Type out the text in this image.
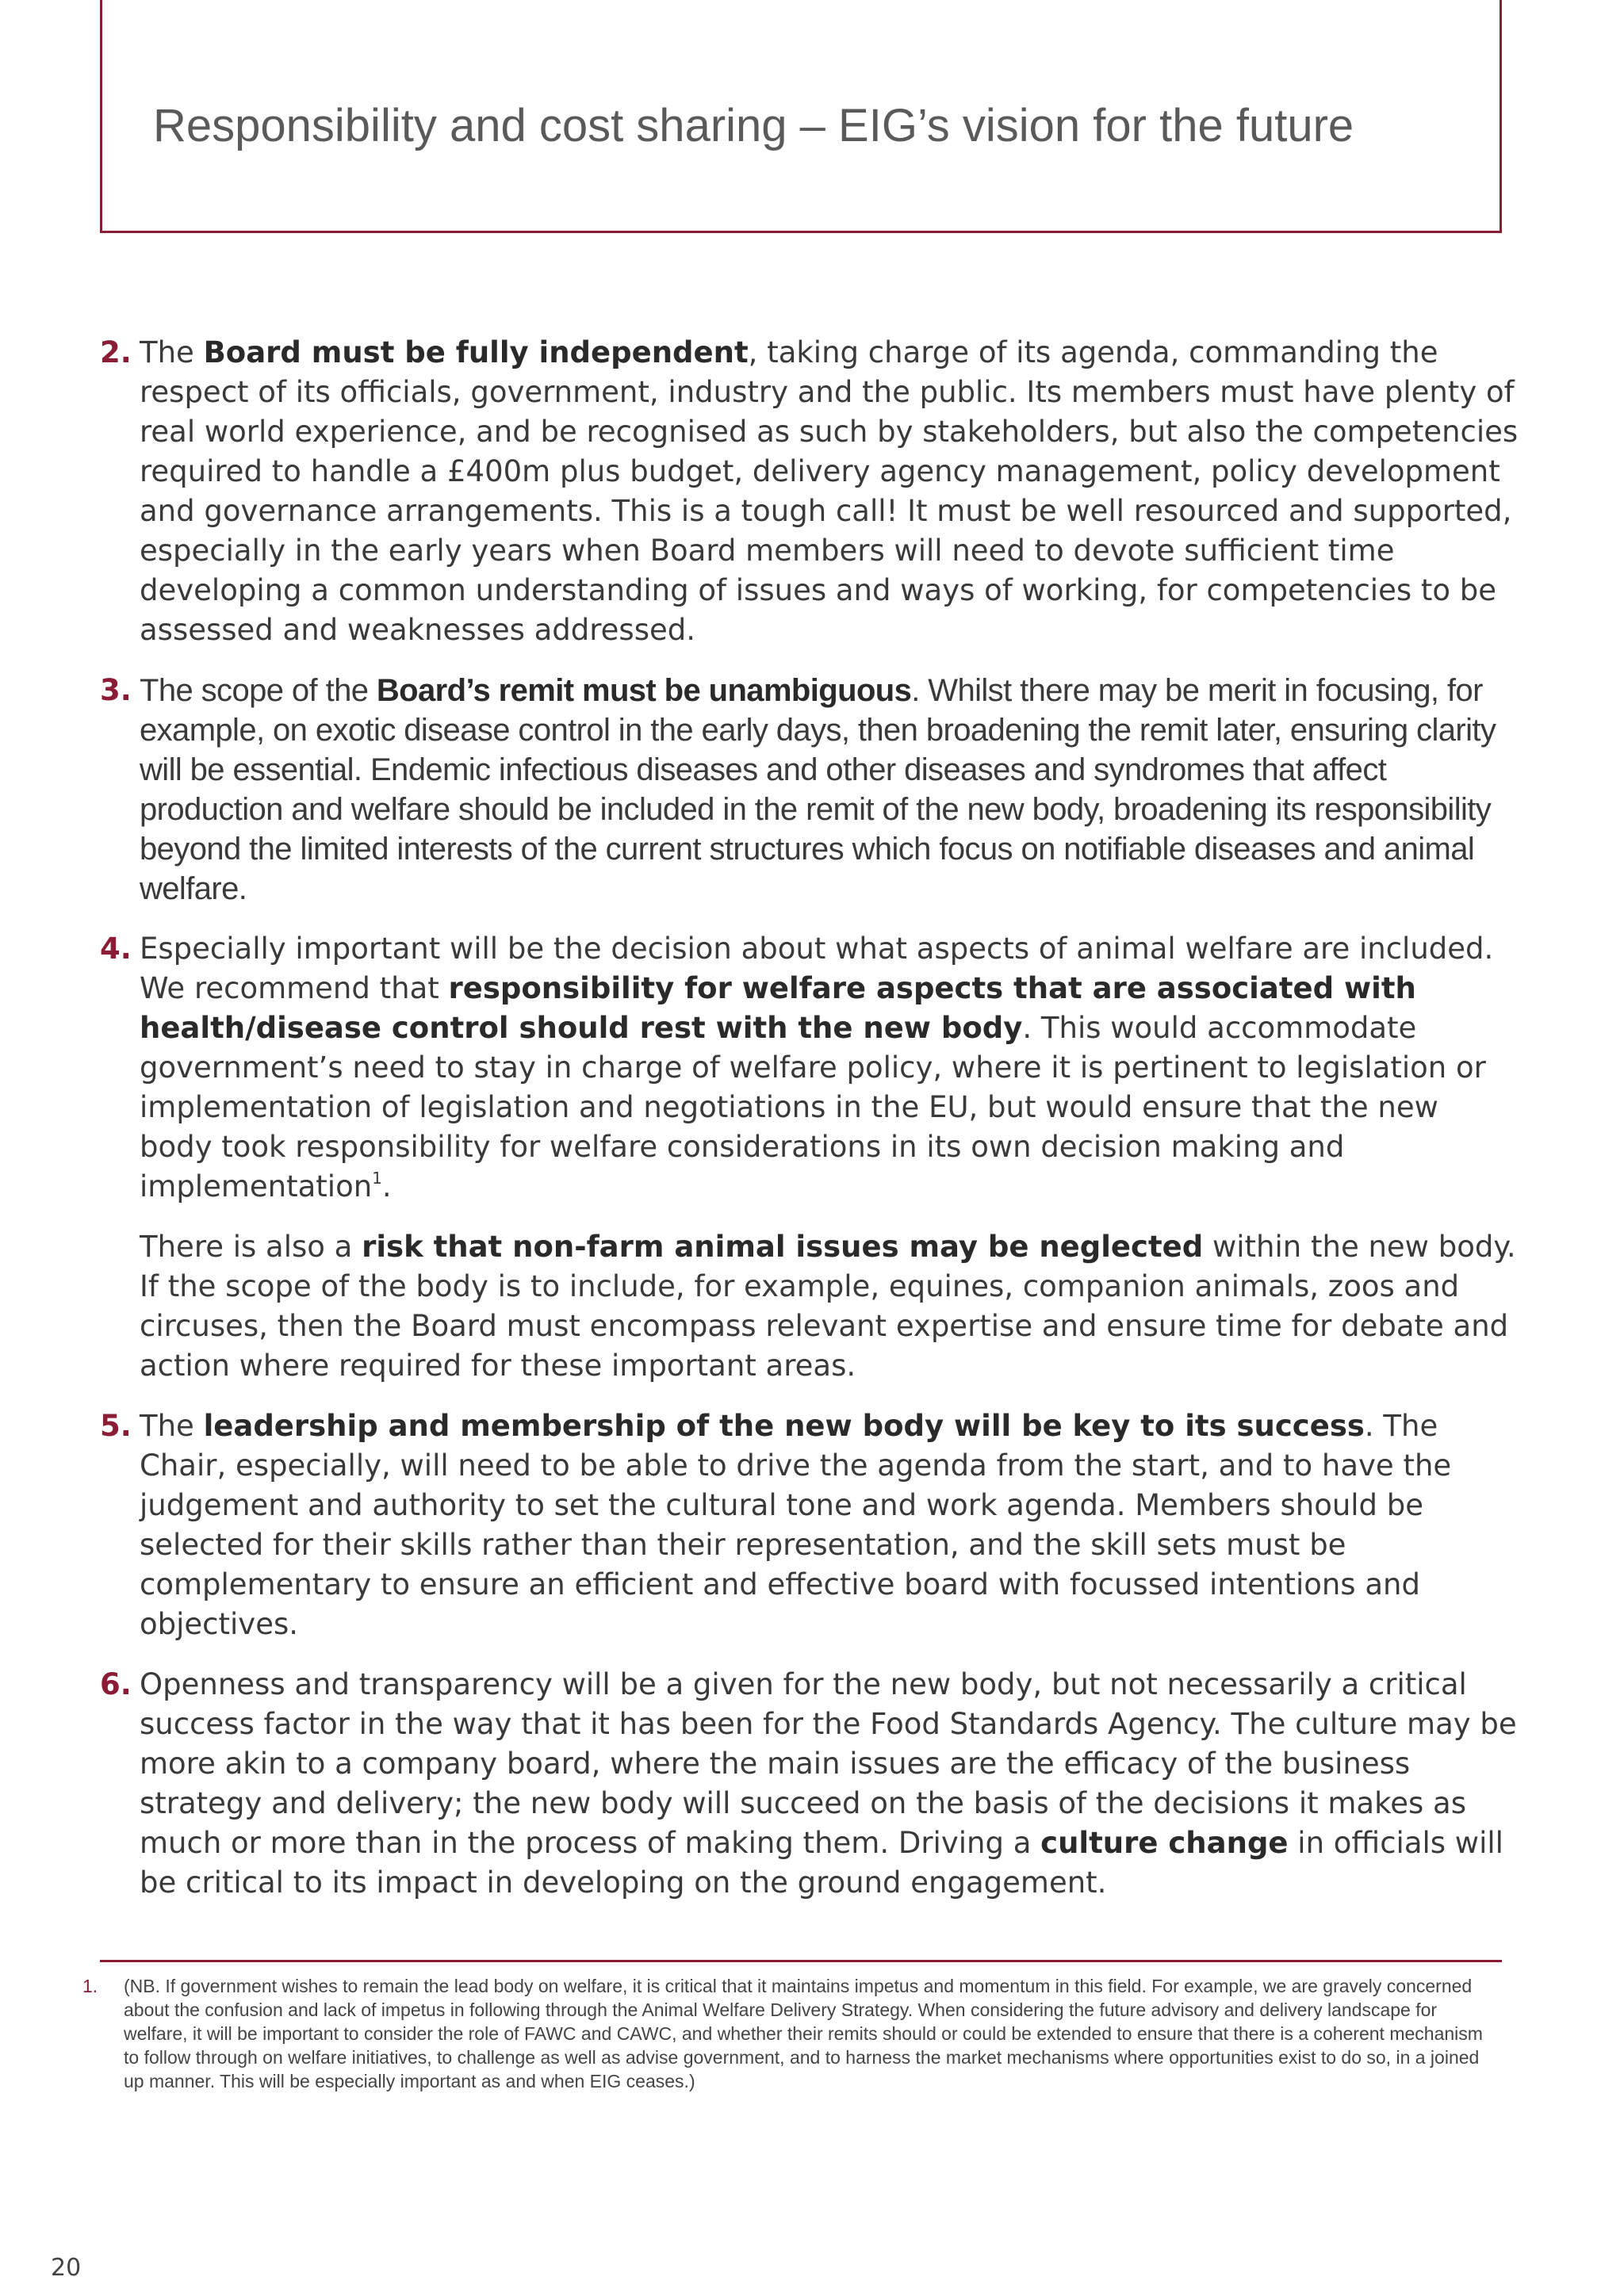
Responsibility and cost sharing – EIG’s vision for the future
2. The Board must be fully independent, taking charge of its agenda, commanding the respect of its officials, government, industry and the public. Its members must have plenty of real world experience, and be recognised as such by stakeholders, but also the competencies required to handle a £400m plus budget, delivery agency management, policy development and governance arrangements. This is a tough call! It must be well resourced and supported, especially in the early years when Board members will need to devote sufficient time developing a common understanding of issues and ways of working, for competencies to be assessed and weaknesses addressed.

3. The scope of the Board’s remit must be unambiguous. Whilst there may be merit in focusing, for example, on exotic disease control in the early days, then broadening the remit later, ensuring clarity will be essential. Endemic infectious diseases and other diseases and syndromes that affect production and welfare should be included in the remit of the new body, broadening its responsibility beyond the limited interests of the current structures which focus on notifiable diseases and animal welfare.

4. Especially important will be the decision about what aspects of animal welfare are included. We recommend that responsibility for welfare aspects that are associated with health/disease control should rest with the new body. This would accommodate government’s need to stay in charge of welfare policy, where it is pertinent to legislation or implementation of legislation and negotiations in the EU, but would ensure that the new body took responsibility for welfare considerations in its own decision making and implementation$^1$.

There is also a risk that non-farm animal issues may be neglected within the new body. If the scope of the body is to include, for example, equines, companion animals, zoos and circuses, then the Board must encompass relevant expertise and ensure time for debate and action where required for these important areas.

5. The leadership and membership of the new body will be key to its success. The Chair, especially, will need to be able to drive the agenda from the start, and to have the judgement and authority to set the cultural tone and work agenda. Members should be selected for their skills rather than their representation, and the skill sets must be complementary to ensure an efficient and effective board with focussed intentions and objectives.

6. Openness and transparency will be a given for the new body, but not necessarily a critical success factor in the way that it has been for the Food Standards Agency. The culture may be more akin to a company board, where the main issues are the efficacy of the business strategy and delivery; the new body will succeed on the basis of the decisions it makes as much or more than in the process of making them. Driving a culture change in officials will be critical to its impact in developing on the ground engagement.

1.	(NB. If government wishes to remain the lead body on welfare, it is critical that it maintains impetus and momentum in this field. For example, we are gravely concerned about the confusion and lack of impetus in following through the Animal Welfare Delivery Strategy. When considering the future advisory and delivery landscape for welfare, it will be important to consider the role of FAWC and CAWC, and whether their remits should or could be extended to ensure that there is a coherent mechanism to follow through on welfare initiatives, to challenge as well as advise government, and to harness the market mechanisms where opportunities exist to do so, in a joined up manner. This will be especially important as and when EIG ceases.)

20
